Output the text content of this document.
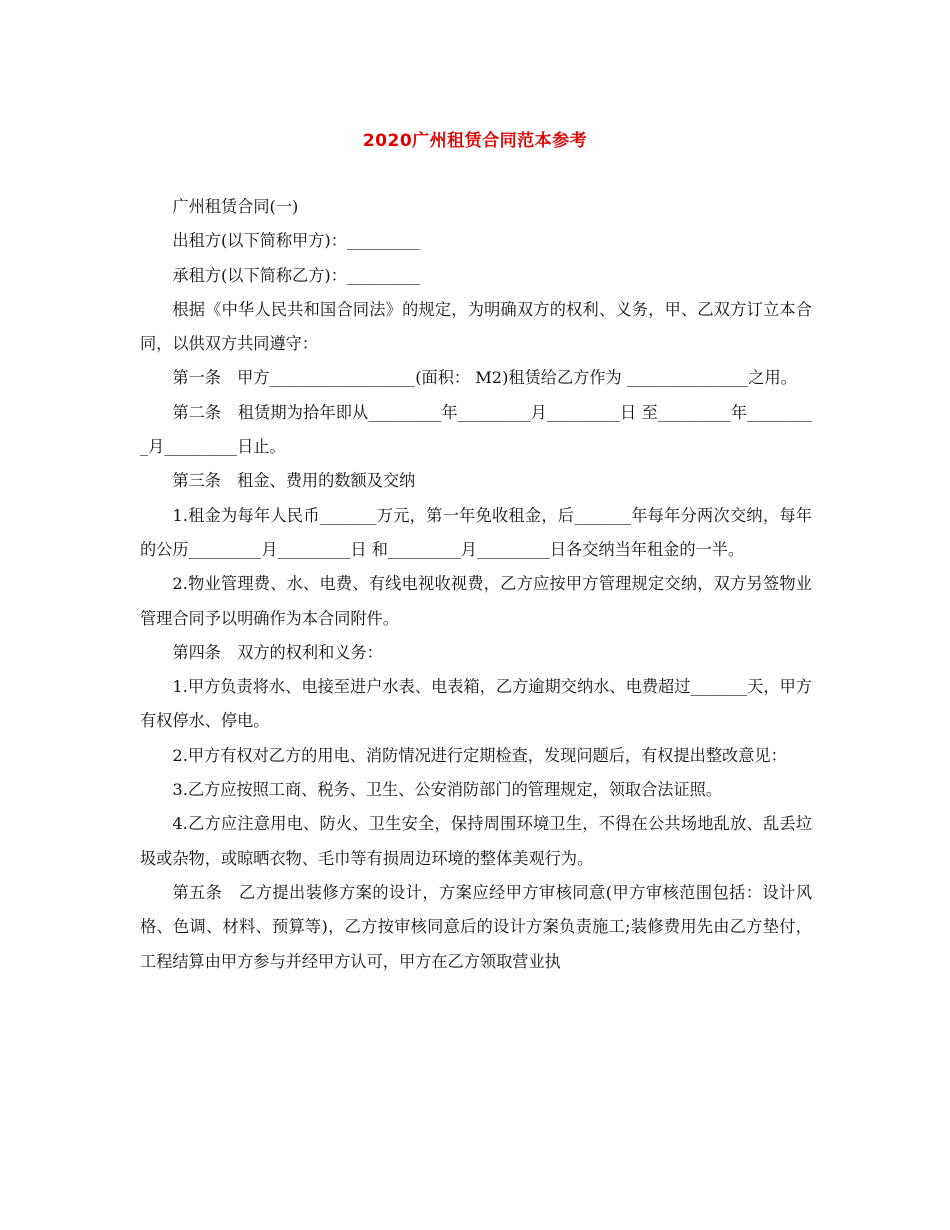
2020广州租赁合同范本参考

广州租赁合同(一)

出租方(以下简称甲方)：_________

承租方(以下简称乙方)：_________

根据《中华人民共和国合同法》的规定，为明确双方的权利、义务，甲、乙双方订立本合同，以供双方共同遵守：

第一条　甲方__________________(面积： M2)租赁给乙方作为 _______________之用。

第二条　租赁期为拾年即从_________年_________月_________日 至_________年_________月_________日止。

第三条　租金、费用的数额及交纳

1.租金为每年人民币_______万元，第一年免收租金，后_______年每年分两次交纳，每年的公历_________月_________日 和_________月_________日各交纳当年租金的一半。

2.物业管理费、水、电费、有线电视收视费，乙方应按甲方管理规定交纳，双方另签物业管理合同予以明确作为本合同附件。

第四条　双方的权利和义务：

1.甲方负责将水、电接至进户水表、电表箱，乙方逾期交纳水、电费超过_______天，甲方有权停水、停电。

2.甲方有权对乙方的用电、消防情况进行定期检查，发现问题后，有权提出整改意见：

3.乙方应按照工商、税务、卫生、公安消防部门的管理规定，领取合法证照。

4.乙方应注意用电、防火、卫生安全，保持周围环境卫生，不得在公共场地乱放、乱丢垃圾或杂物，或晾晒衣物、毛巾等有损周边环境的整体美观行为。

第五条　乙方提出装修方案的设计，方案应经甲方审核同意(甲方审核范围包括：设计风格、色调、材料、预算等)，乙方按审核同意后的设计方案负责施工;装修费用先由乙方垫付，工程结算由甲方参与并经甲方认可，甲方在乙方领取营业执
